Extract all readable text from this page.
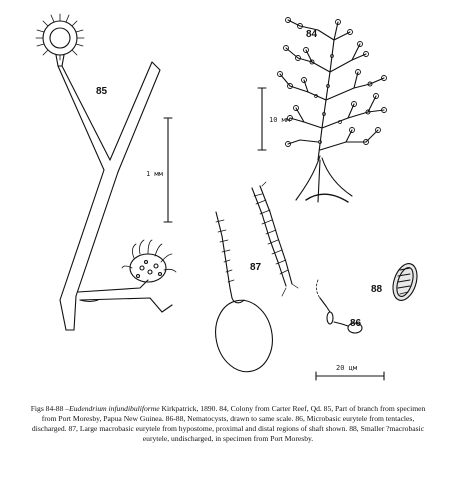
85
84
87
86
88
1 мм
10 мм
20 цм
Figs 84-88 –Eudendrium infundibuliforme Kirkpatrick, 1890. 84, Colony from Carter Reef, Qd. 85, Part of branch from specimen from Port Moresby, Papua New Guinea. 86-88, Nematocysts, drawn to same scale. 86, Microbasic eurytele from tentacles, discharged. 87, Large macrobasic eurytele from hypostome, proximal and distal regions of shaft shown. 88, Smaller ?macrobasic eurytele, undischarged, in specimen from Port Moresby.
